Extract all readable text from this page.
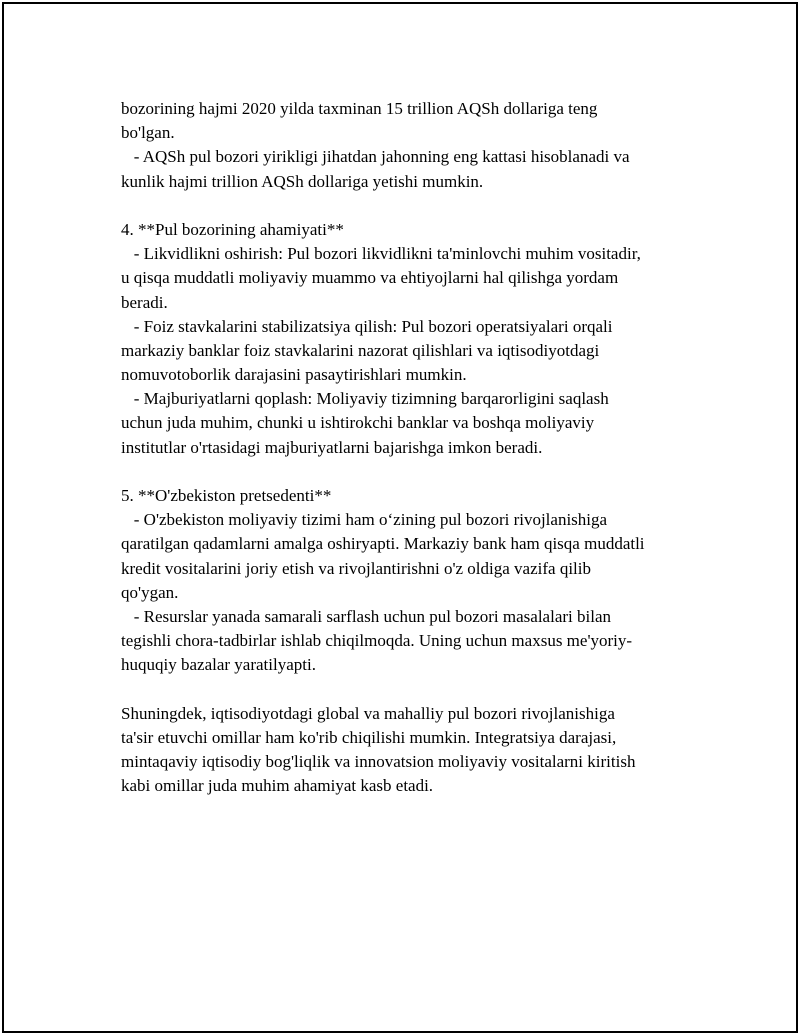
bozorining hajmi 2020 yilda taxminan 15 trillion AQSh dollariga teng
bo'lgan.
- AQSh pul bozori yirikligi jihatdan jahonning eng kattasi hisoblanadi va
kunlik hajmi trillion AQSh dollariga yetishi mumkin.
4. **Pul bozorining ahamiyati**
- Likvidlikni oshirish: Pul bozori likvidlikni ta'minlovchi muhim vositadir,
u qisqa muddatli moliyaviy muammo va ehtiyojlarni hal qilishga yordam
beradi.
- Foiz stavkalarini stabilizatsiya qilish: Pul bozori operatsiyalari orqali
markaziy banklar foiz stavkalarini nazorat qilishlari va iqtisodiyotdagi
nomuvotoborlik darajasini pasaytirishlari mumkin.
- Majburiyatlarni qoplash: Moliyaviy tizimning barqarorligini saqlash
uchun juda muhim, chunki u ishtirokchi banklar va boshqa moliyaviy
institutlar o'rtasidagi majburiyatlarni bajarishga imkon beradi.
5. **O'zbekiston pretsedenti**
- O'zbekiston moliyaviy tizimi ham o‘zining pul bozori rivojlanishiga
qaratilgan qadamlarni amalga oshiryapti. Markaziy bank ham qisqa muddatli
kredit vositalarini joriy etish va rivojlantirishni o'z oldiga vazifa qilib
qo'ygan.
- Resurslar yanada samarali sarflash uchun pul bozori masalalari bilan
tegishli chora-tadbirlar ishlab chiqilmoqda. Uning uchun maxsus me'yoriy-
huquqiy bazalar yaratilyapti.
Shuningdek, iqtisodiyotdagi global va mahalliy pul bozori rivojlanishiga
ta'sir etuvchi omillar ham ko'rib chiqilishi mumkin. Integratsiya darajasi,
mintaqaviy iqtisodiy bog'liqlik va innovatsion moliyaviy vositalarni kiritish
kabi omillar juda muhim ahamiyat kasb etadi.
